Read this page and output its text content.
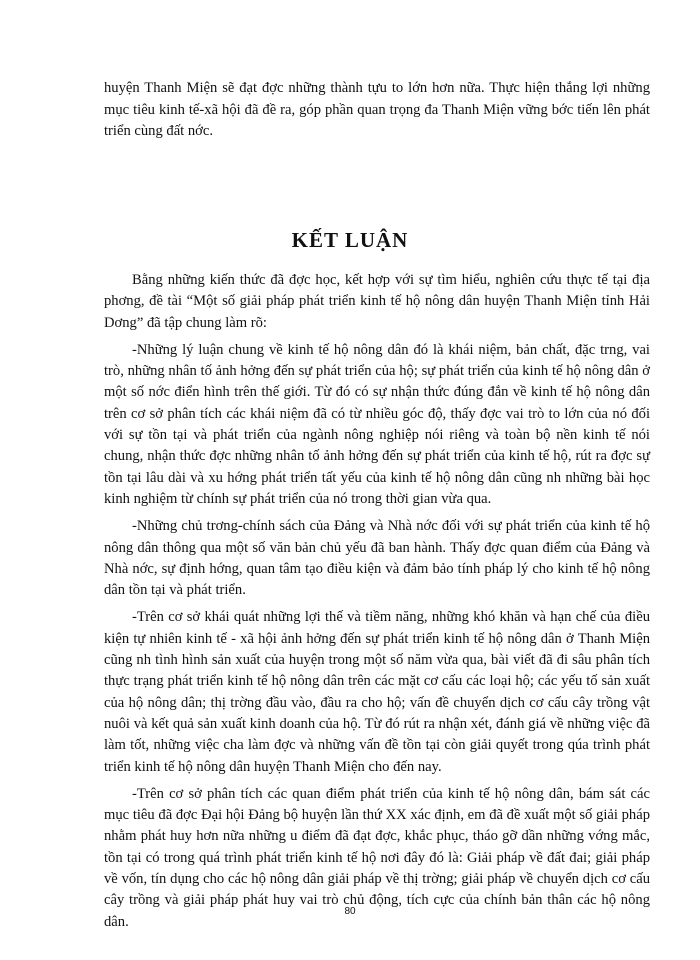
huyện Thanh Miện sẽ đạt đợc những thành tựu to lớn hơn nữa. Thực hiện thắng lợi những mục tiêu kinh tế-xã hội đã đề ra, góp phần quan trọng đa Thanh Miện vững bớc tiến lên phát triển cùng đất nớc.

KẾT LUẬN

Bằng những kiến thức đã đợc học, kết hợp với sự tìm hiểu, nghiên cứu thực tế tại địa phơng, đề tài “Một số giải pháp phát triển kinh tế hộ nông dân huyện Thanh Miện tỉnh Hải Dơng” đã tập chung làm rõ:

-Những lý luận chung về kinh tế hộ nông dân đó là khái niệm, bản chất, đặc trng, vai trò, những nhân tố ảnh hởng đến sự phát triển của hộ; sự phát triển của kinh tế hộ nông dân ở một số nớc điển hình trên thế giới. Từ đó có sự nhận thức đúng đắn về kinh tế hộ nông dân trên cơ sở phân tích các khái niệm đã có từ nhiều góc độ, thấy đợc vai trò to lớn của nó đối với sự tồn tại và phát triển của ngành nông nghiệp nói riêng và toàn bộ nền kinh tế nói chung, nhận thức đợc những nhân tố ảnh hởng đến sự phát triển của kinh tế hộ, rút ra đợc sự tồn tại lâu dài và xu hớng phát triển tất yếu của kinh tế hộ nông dân cũng nh những bài học kinh nghiệm từ chính sự phát triển của nó trong thời gian vừa qua.

-Những chủ trơng-chính sách của Đảng và Nhà nớc đối với sự phát triển của kinh tế hộ nông dân thông qua một số văn bản chủ yếu đã ban hành. Thấy đợc quan điểm của Đảng và Nhà nớc, sự định hớng, quan tâm tạo điều kiện và đảm bảo tính pháp lý cho kinh tế hộ nông dân tồn tại và phát triển.

-Trên cơ sở khái quát những lợi thế và tiềm năng, những khó khăn và hạn chế của điều kiện tự nhiên kinh tế - xã hội ảnh hởng đến sự phát triển kinh tế hộ nông dân ở Thanh Miện cũng nh tình hình sản xuất của huyện trong một số năm vừa qua, bài viết đã đi sâu phân tích thực trạng phát triển kinh tế hộ nông dân trên các mặt cơ cấu các loại hộ; các yếu tố sản xuất của hộ nông dân; thị trờng đầu vào, đầu ra cho hộ; vấn đề chuyển dịch cơ cấu cây trồng vật nuôi và kết quả sản xuất kinh doanh của hộ. Từ đó rút ra nhận xét, đánh giá về những việc đã làm tốt, những việc cha làm đợc và những vấn đề tồn tại còn giải quyết trong qúa trình phát triển kinh tế hộ nông dân huyện Thanh Miện cho đến nay.

-Trên cơ sở phân tích các quan điểm phát triển của kinh tế hộ nông dân, bám sát các mục tiêu đã đợc Đại hội Đảng bộ huyện lần thứ XX xác định, em đã đề xuất một số giải pháp nhằm phát huy hơn nữa những u điểm đã đạt đợc, khắc phục, tháo gỡ dần những vớng mắc, tồn tại có trong quá trình phát triển kinh tế hộ nơi đây đó là: Giải pháp về đất đai; giải pháp về vốn, tín dụng cho các hộ nông dân giải pháp về thị trờng; giải pháp về chuyển dịch cơ cấu cây trồng và giải pháp phát huy vai trò chủ động, tích cực của chính bản thân các hộ nông dân.

80
